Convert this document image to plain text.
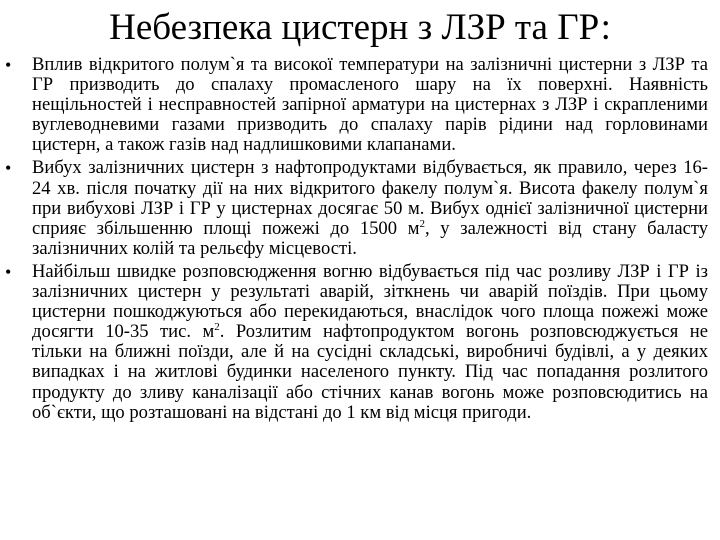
Небезпека цистерн з ЛЗР та ГР:
• Вплив відкритого полум`я та високої температури на залізничні цистерни з ЛЗР та ГР призводить до спалаху промасленого шару на їх поверхні. Наявність нещільностей і несправностей запірної арматури на цистернах з ЛЗР і скрапленими вуглеводневими газами призводить до спалаху парів рідини над горловинами цистерн, а також газів над надлишковими клапанами.
• Вибух залізничних цистерн з нафтопродуктами відбувається, як правило, через 16-24 хв. після початку дії на них відкритого факелу полум`я. Висота факелу полум`я при вибуховi ЛЗР і ГР у цистернах досягає 50 м. Вибух однієї залізничної цистерни сприяє збільшенню площі пожежі до 1500 $м^2$, у залежності від стану баласту залізничних колій та рельєфу місцевості.
• Найбільш швидке розповсюдження вогню відбувається під час розливу ЛЗР і ГР із залізничних цистерн у результаті аварій, зіткнень чи аварій поїздів. При цьому цистерни пошкоджуються або перекидаються, внаслідок чого площа пожежі може досягти 10-35 тис. $м^2$. Розлитим нафтопродуктом вогонь розповсюджується не тільки на ближні поїзди, але й на сусідні складські, виробничі будівлі, а у деяких випадках і на житлові будинки населеного пункту. Під час попадання розлитого продукту до зливу каналізації або стічних канав вогонь може розповсюдитись на об`єкти, що розташовані на відстані до 1 км від місця пригоди.
